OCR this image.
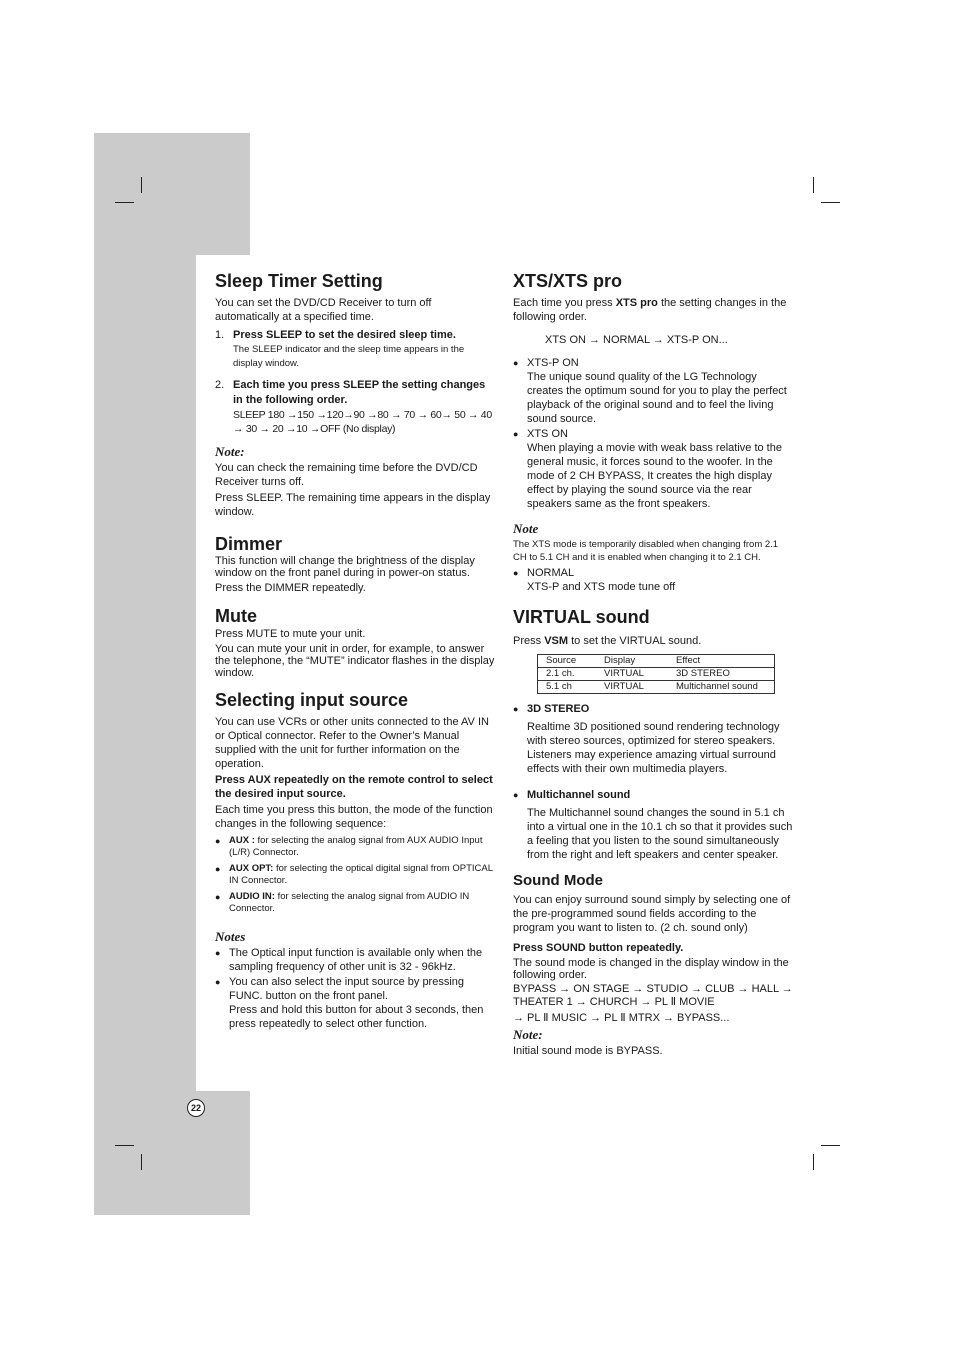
Sleep Timer Setting

You can set the DVD/CD Receiver to turn off automatically at a specified time.

1. Press SLEEP to set the desired sleep time.
The SLEEP indicator and the sleep time appears in the display window.
2. Each time you press SLEEP the setting changes in the following order.
SLEEP 180 →150 →120→90 →80 → 70 → 60→ 50 → 40 → 30 → 20 →10 →OFF (No display)
Note:

You can check the remaining time before the DVD/CD Receiver turns off.

Press SLEEP. The remaining time appears in the display window.

Dimmer

This function will change the brightness of the display window on the front panel during in power-on status.

Press the DIMMER repeatedly.

Mute

Press MUTE to mute your unit.

You can mute your unit in order, for example, to answer the telephone, the “MUTE” indicator flashes in the display window.

Selecting input source

You can use VCRs or other units connected to the AV IN or Optical connector. Refer to the Owner’s Manual supplied with the unit for further information on the operation.

Press AUX repeatedly on the remote control to select the desired input source.

Each time you press this button, the mode of the function changes in the following sequence:

● AUX : for selecting the analog signal from AUX AUDIO Input (L/R) Connector.
● AUX OPT: for selecting the optical digital signal from OPTICAL IN Connector.
● AUDIO IN: for selecting the analog signal from AUDIO IN Connector.
Notes
● The Optical input function is available only when the sampling frequency of other unit is 32 - 96kHz.
● You can also select the input source by pressing FUNC. button on the front panel.
Press and hold this button for about 3 seconds, then press repeatedly to select other function.
XTS/XTS pro

Each time you press XTS pro the setting changes in the following order.

XTS ON → NORMAL → XTS-P ON...
● XTS-P ON
The unique sound quality of the LG Technology creates the optimum sound for you to play the perfect playback of the original sound and to feel the living sound source.
● XTS ON
When playing a movie with weak bass relative to the general music, it forces sound to the woofer. In the mode of 2 CH BYPASS, It creates the high display effect by playing the sound source via the rear speakers same as the front speakers.
Note

The XTS mode is temporarily disabled when changing from 2.1 CH to 5.1 CH and it is enabled when changing it to 2.1 CH.

● NORMAL
XTS-P and XTS mode tune off
VIRTUAL sound

Press VSM to set the VIRTUAL sound.

Source	Display	Effect
2.1 ch.	VIRTUAL	3D STEREO
5.1 ch	VIRTUAL	Multichannel sound
● 3D STEREO

Realtime 3D positioned sound rendering technology with stereo sources, optimized for stereo speakers. Listeners may experience amazing virtual surround effects with their own multimedia players.
● Multichannel sound

The Multichannel sound changes the sound in 5.1 ch into a virtual one in the 10.1 ch so that it provides such a feeling that you listen to the sound simultaneously from the right and left speakers and center speaker.
Sound Mode

You can enjoy surround sound simply by selecting one of the pre-programmed sound fields according to the program you want to listen to. (2 ch. sound only)

Press SOUND button repeatedly.

The sound mode is changed in the display window in the following order.

BYPASS → ON STAGE → STUDIO → CLUB → HALL → THEATER 1 → CHURCH → PL Ⅱ MOVIE

→ PL Ⅱ MUSIC → PL Ⅱ MTRX → BYPASS...

Note:

Initial sound mode is BYPASS.

22
